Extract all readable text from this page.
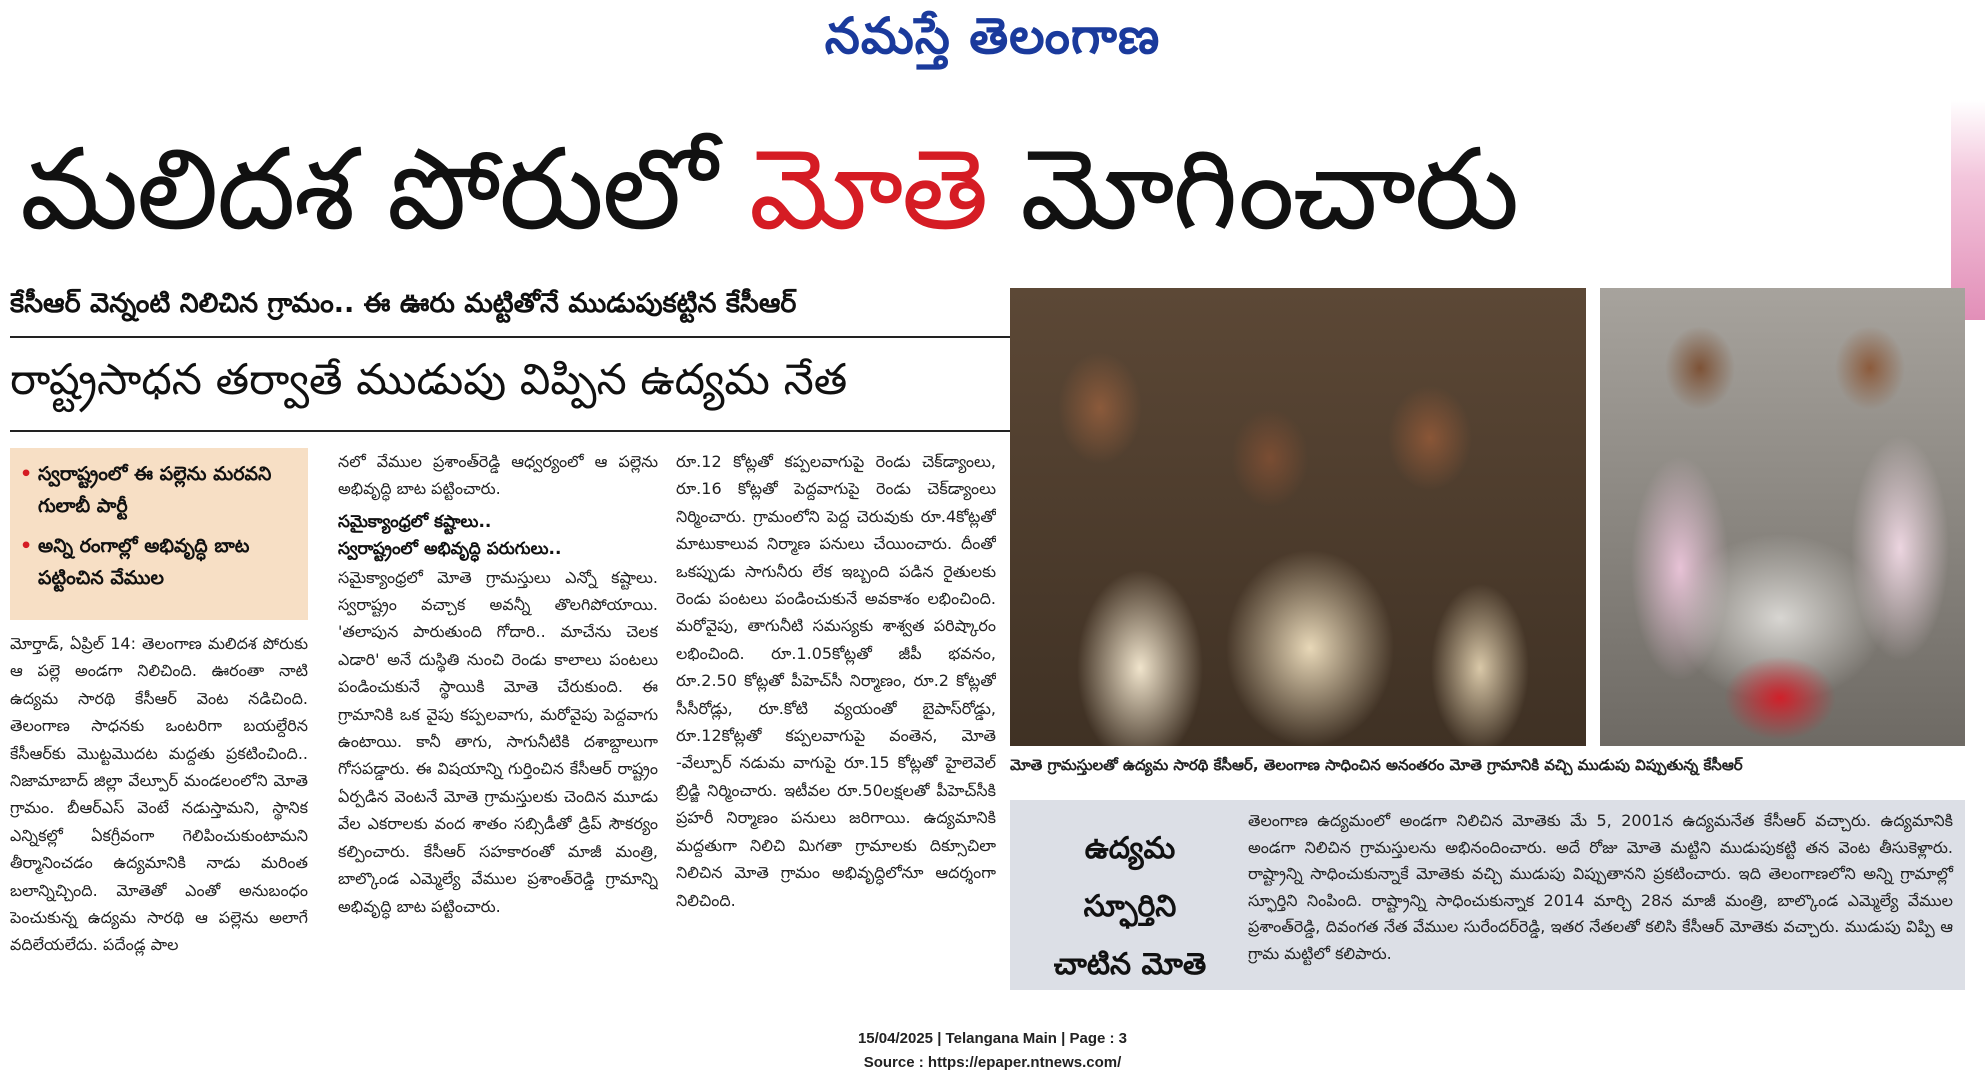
నమస్తే తెలంగాణ
మలిదశ పోరులో మోతె మోగించారు
కేసీఆర్ వెన్నంటి నిలిచిన గ్రామం.. ఈ ఊరు మట్టితోనే ముడుపుకట్టిన కేసీఆర్
రాష్ట్రసాధన తర్వాతే ముడుపు విప్పిన ఉద్యమ నేత
• స్వరాష్ట్రంలో ఈ పల్లెను మరవని గులాబీ పార్టీ
• అన్ని రంగాల్లో అభివృద్ధి బాట పట్టించిన వేముల

మోర్తాడ్, ఏప్రిల్ 14: తెలంగాణ మలిదశ పోరుకు ఆ పల్లె అండగా నిలిచింది. ఊరంతా నాటి ఉద్యమ సారథి కేసీఆర్ వెంట నడిచింది. తెలంగాణ సాధనకు ఒంటరిగా బయల్దేరిన కేసీఆర్‌కు మొట్టమొదట మద్దతు ప్రకటించింది.. నిజామాబాద్ జిల్లా వేల్పూర్ మండలంలోని మోతె గ్రామం. బీఆర్ఎస్ వెంటే నడుస్తామని, స్థానిక ఎన్నికల్లో ఏకగ్రీవంగా గెలిపించుకుంటామని తీర్మానించడం ఉద్యమానికి నాడు మరింత బలాన్నిచ్చింది. మోతెతో ఎంతో అనుబంధం పెంచుకున్న ఉద్యమ సారథి ఆ పల్లెను అలాగే వదిలేయలేదు. పదేండ్ల పాల

నలో వేముల ప్రశాంత్‌రెడ్డి ఆధ్వర్యంలో ఆ పల్లెను అభివృద్ధి బాట పట్టించారు.

సమైక్యాంధ్రలో కష్టాలు..

స్వరాష్ట్రంలో అభివృద్ధి పరుగులు..

సమైక్యాంధ్రలో మోతె గ్రామస్తులు ఎన్నో కష్టాలు. స్వరాష్ట్రం వచ్చాక అవన్నీ తొలగిపోయాయి. 'తలాపున పారుతుంది గోదారి.. మాచేను చెలక ఎడారి' అనే దుస్థితి నుంచి రెండు కాలాలు పంటలు పండించుకునే స్థాయికి మోతె చేరుకుంది. ఈ గ్రామానికి ఒక వైపు కప్పలవాగు, మరోవైపు పెద్దవాగు ఉంటాయి. కానీ తాగు, సాగునీటికి దశాబ్దాలుగా గోసపడ్డారు. ఈ విషయాన్ని గుర్తించిన కేసీఆర్ రాష్ట్రం ఏర్పడిన వెంటనే మోతె గ్రామస్తులకు చెందిన మూడు వేల ఎకరాలకు వంద శాతం సబ్సిడీతో డ్రిప్ సౌకర్యం కల్పించారు. కేసీఆర్ సహకారంతో మాజీ మంత్రి, బాల్కొండ ఎమ్మెల్యే వేముల ప్రశాంత్‌రెడ్డి గ్రామాన్ని అభివృద్ధి బాట పట్టించారు.

రూ.12 కోట్లతో కప్పలవాగుపై రెండు చెక్‌డ్యాంలు, రూ.16 కోట్లతో పెద్దవాగుపై రెండు చెక్‌డ్యాంలు నిర్మించారు. గ్రామంలోని పెద్ద చెరువుకు రూ.4కోట్లతో మాటుకాలువ నిర్మాణ పనులు చేయించారు. దీంతో ఒకప్పుడు సాగునీరు లేక ఇబ్బంది పడిన రైతులకు రెండు పంటలు పండించుకునే అవకాశం లభించింది. మరోవైపు, తాగునీటి సమస్యకు శాశ్వత పరిష్కారం లభించింది. రూ.1.05కోట్లతో జీపీ భవనం, రూ.2.50 కోట్లతో పీహెచ్‌సీ నిర్మాణం, రూ.2 కోట్లతో సీసీరోడ్లు, రూ.కోటి వ్యయంతో బైపాస్‌రోడ్డు, రూ.12కోట్లతో కప్పలవాగుపై వంతెన, మోతె -వేల్పూర్ నడుమ వాగుపై రూ.15 కోట్లతో హైలెవెల్ బ్రిడ్జి నిర్మించారు. ఇటీవల రూ.50లక్షలతో పీహెచ్‌సీకి ప్రహరీ నిర్మాణం పనులు జరిగాయి. ఉద్యమానికి మద్దతుగా నిలిచి మిగతా గ్రామాలకు దిక్సూచిలా నిలిచిన మోతె గ్రామం అభివృద్ధిలోనూ ఆదర్శంగా నిలిచింది.

మోతె గ్రామస్తులతో ఉద్యమ సారథి కేసీఆర్, తెలంగాణ సాధించిన అనంతరం మోతె గ్రామానికి వచ్చి ముడుపు విప్పుతున్న కేసీఆర్
ఉద్యమ
స్ఫూర్తిని
చాటిన మోతె
తెలంగాణ ఉద్యమంలో అండగా నిలిచిన మోతెకు మే 5, 2001న ఉద్యమనేత కేసీఆర్ వచ్చారు. ఉద్యమానికి అండగా నిలిచిన గ్రామస్తులను అభినందించారు. అదే రోజు మోతె మట్టిని ముడుపుకట్టి తన వెంట తీసుకెళ్లారు. రాష్ట్రాన్ని సాధించుకున్నాకే మోతెకు వచ్చి ముడుపు విప్పుతానని ప్రకటించారు. ఇది తెలంగాణలోని అన్ని గ్రామాల్లో స్ఫూర్తిని నింపింది. రాష్ట్రాన్ని సాధించుకున్నాక 2014 మార్చి 28న మాజీ మంత్రి, బాల్కొండ ఎమ్మెల్యే వేముల ప్రశాంత్‌రెడ్డి, దివంగత నేత వేముల సురేందర్‌రెడ్డి, ఇతర నేతలతో కలిసి కేసీఆర్ మోతెకు వచ్చారు. ముడుపు విప్పి ఆ గ్రామ మట్టిలో కలిపారు.
15/04/2025 | Telangana Main | Page : 3
Source : https://epaper.ntnews.com/
